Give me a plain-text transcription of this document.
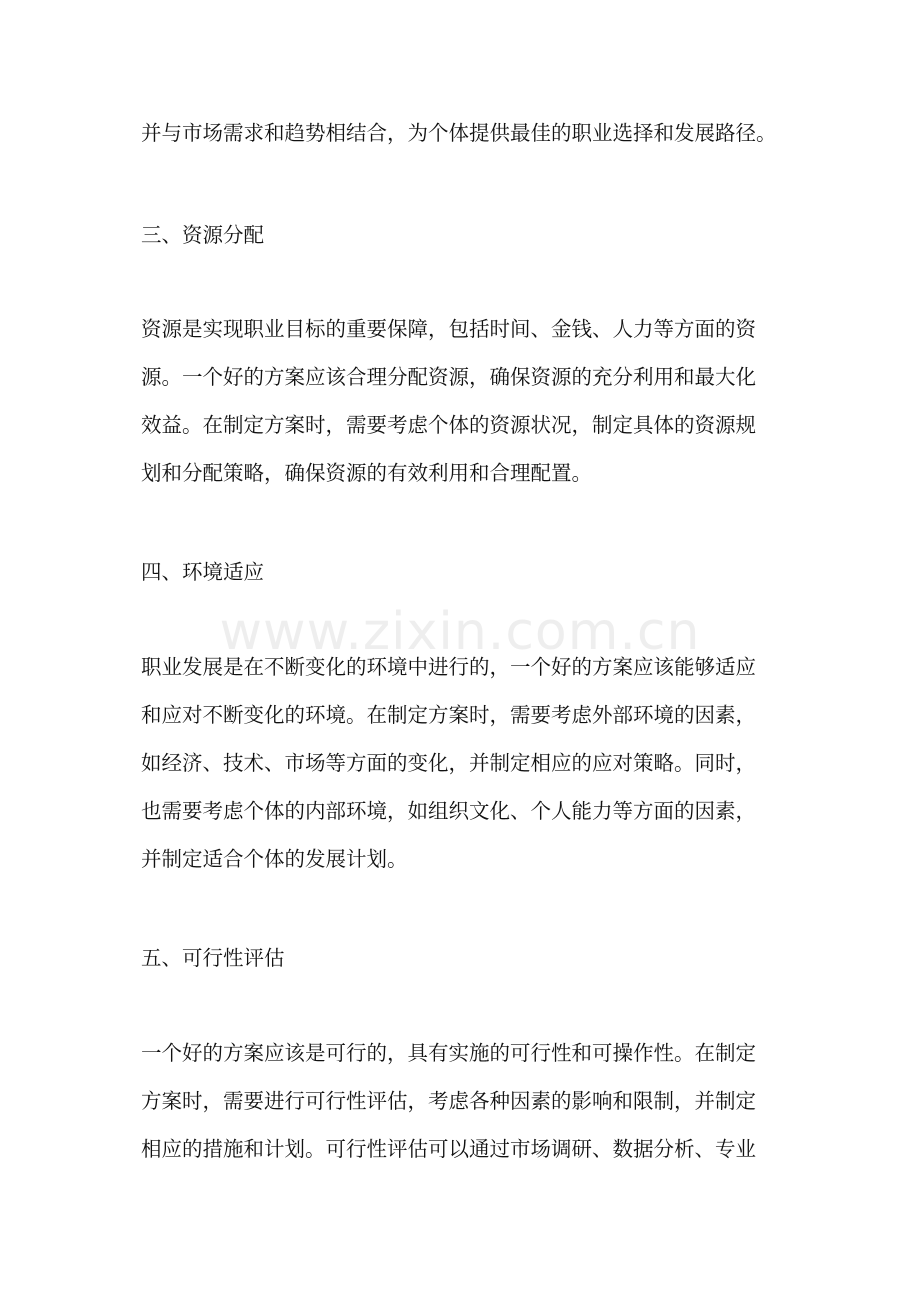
www.zixin.com.cn
并与市场需求和趋势相结合，为个体提供最佳的职业选择和发展路径。
三、资源分配
资源是实现职业目标的重要保障，包括时间、金钱、人力等方面的资
源。一个好的方案应该合理分配资源，确保资源的充分利用和最大化
效益。在制定方案时，需要考虑个体的资源状况，制定具体的资源规
划和分配策略，确保资源的有效利用和合理配置。
四、环境适应
职业发展是在不断变化的环境中进行的，一个好的方案应该能够适应
和应对不断变化的环境。在制定方案时，需要考虑外部环境的因素，
如经济、技术、市场等方面的变化，并制定相应的应对策略。同时，
也需要考虑个体的内部环境，如组织文化、个人能力等方面的因素，
并制定适合个体的发展计划。
五、可行性评估
一个好的方案应该是可行的，具有实施的可行性和可操作性。在制定
方案时，需要进行可行性评估，考虑各种因素的影响和限制，并制定
相应的措施和计划。可行性评估可以通过市场调研、数据分析、专业
